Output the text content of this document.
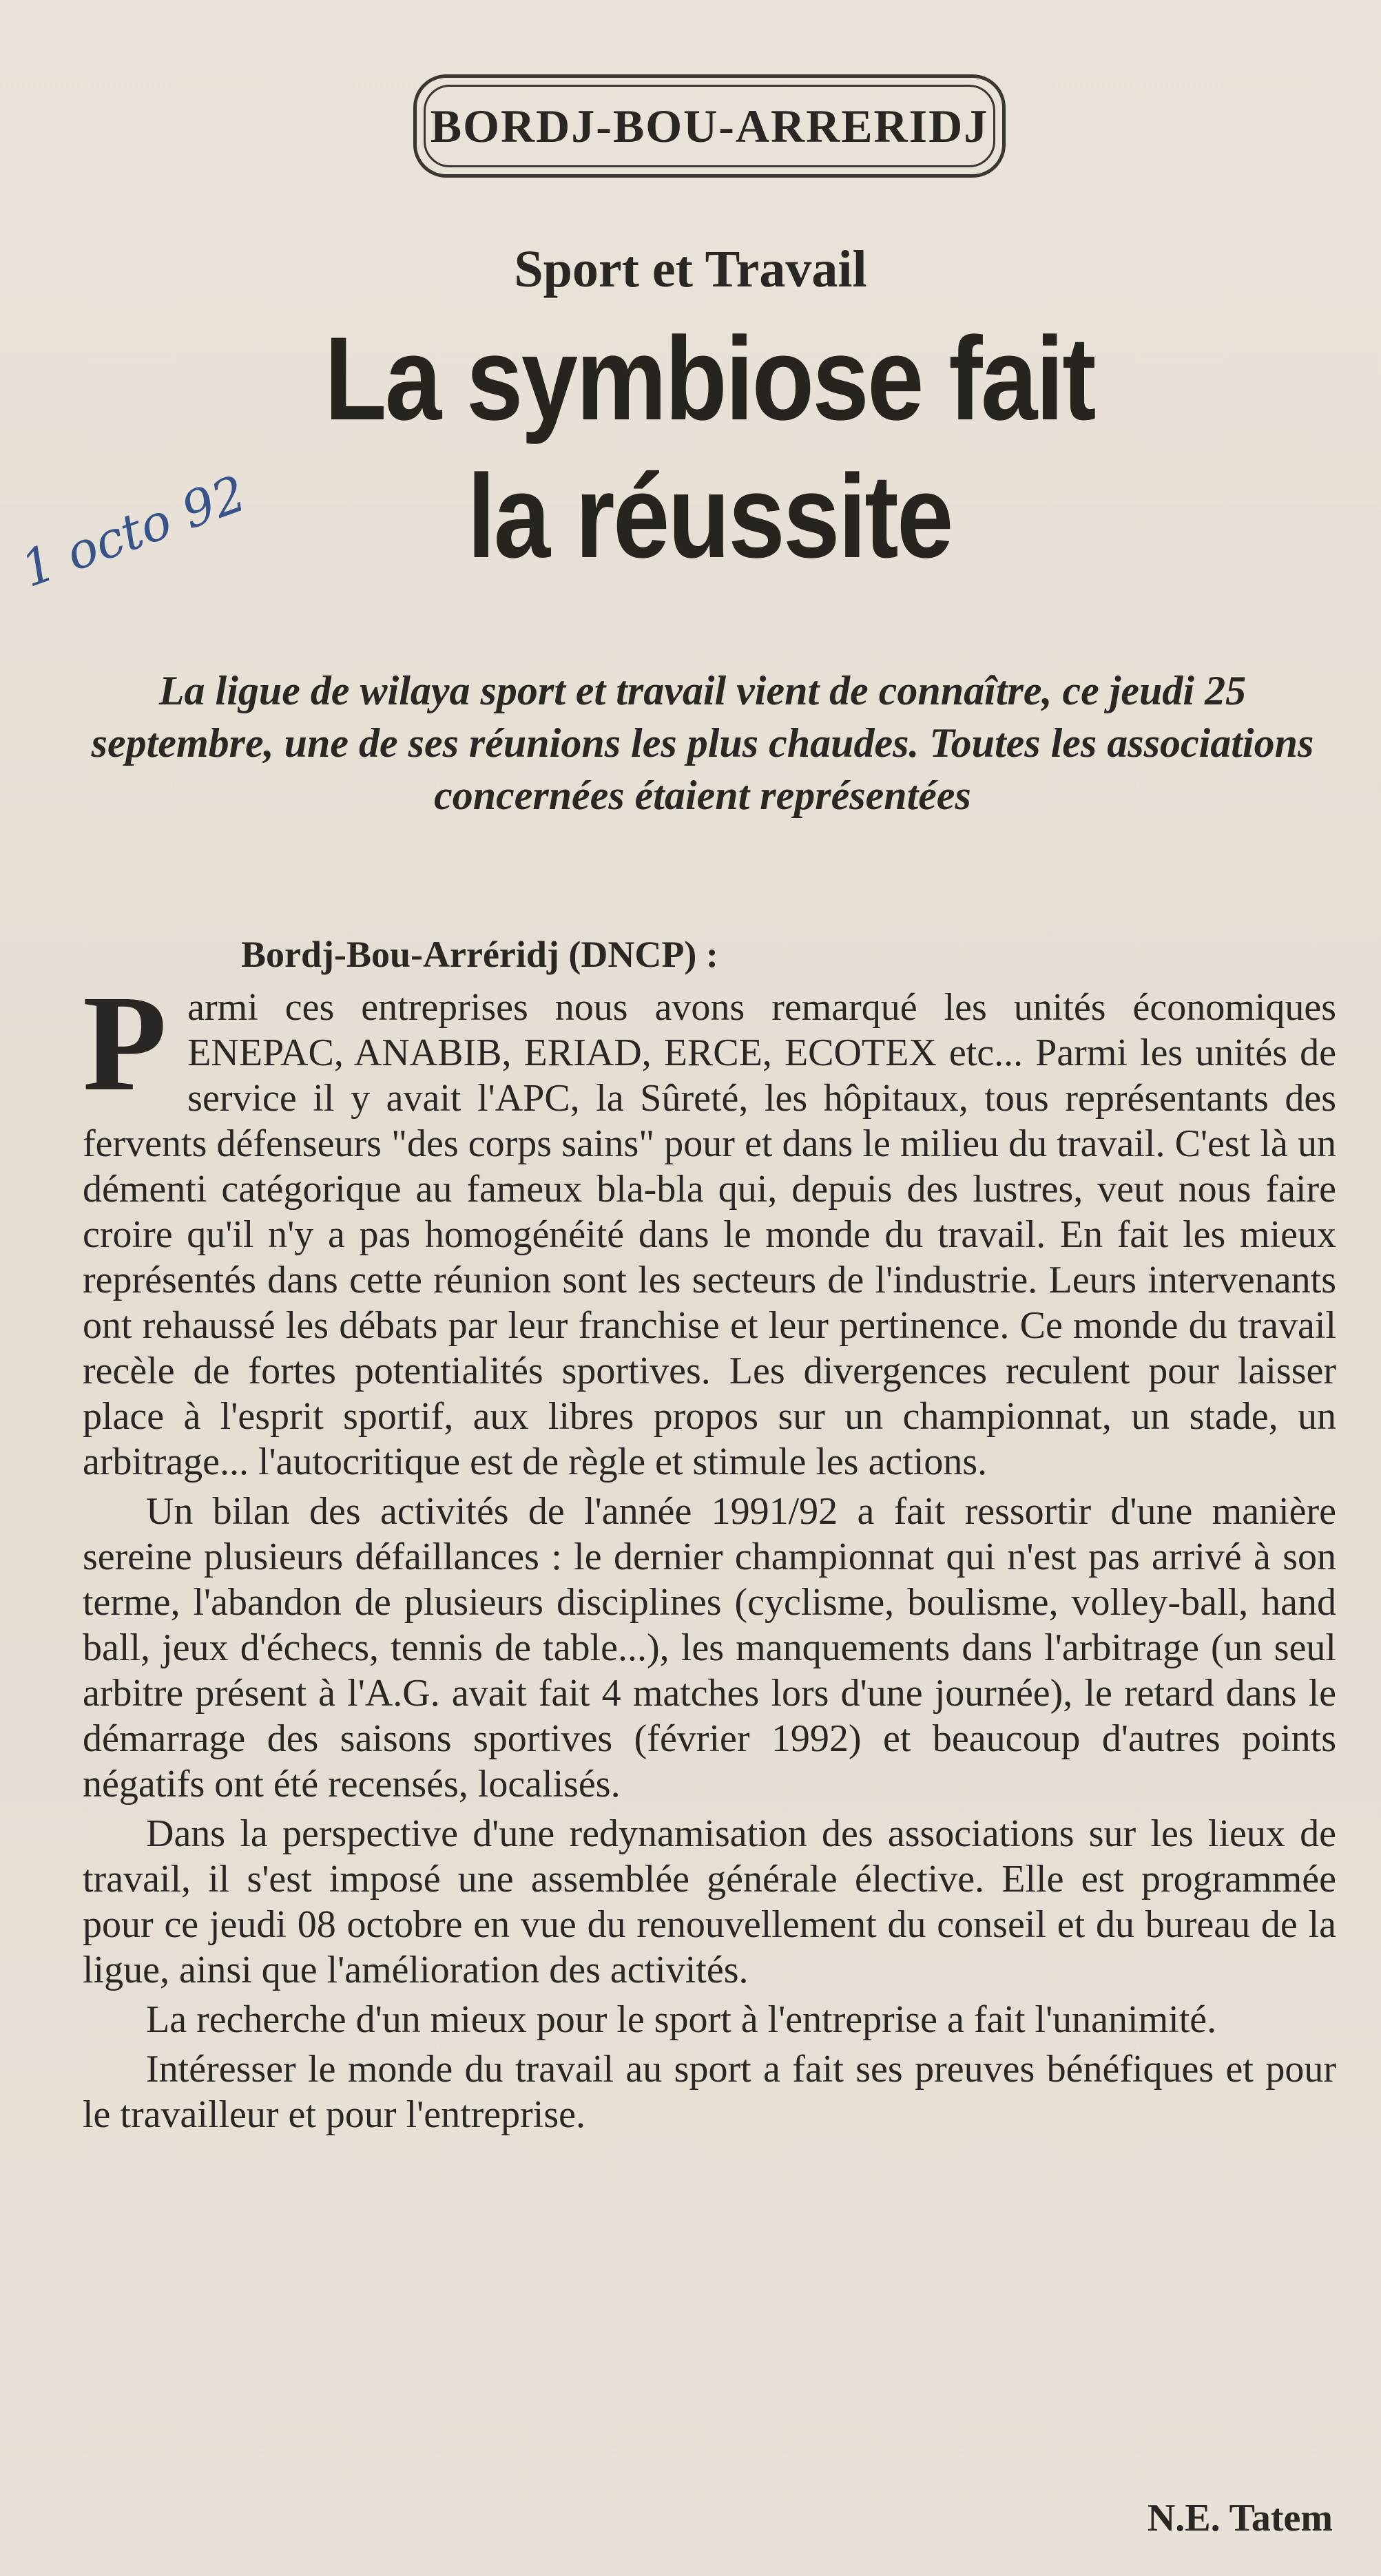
BORDJ-BOU-ARRERIDJ
Sport et Travail
La symbiose fait la réussite
1 octo 92
La ligue de wilaya sport et travail vient de connaître, ce jeudi 25 septembre, une de ses réunions les plus chaudes. Toutes les associations concernées étaient représentées
Bordj-Bou-Arréridj (DNCP) :

Parmi ces entreprises nous avons remarqué les unités économiques ENEPAC, ANABIB, ERIAD, ERCE, ECOTEX etc... Parmi les unités de service il y avait l'APC, la Sûreté, les hôpitaux, tous représentants des fervents défenseurs "des corps sains" pour et dans le milieu du travail. C'est là un démenti catégorique au fameux bla-bla qui, depuis des lustres, veut nous faire croire qu'il n'y a pas homogénéité dans le monde du travail. En fait les mieux représentés dans cette réunion sont les secteurs de l'industrie. Leurs intervenants ont rehaussé les débats par leur franchise et leur pertinence. Ce monde du travail recèle de fortes potentialités sportives. Les divergences reculent pour laisser place à l'esprit sportif, aux libres propos sur un championnat, un stade, un arbitrage... l'autocritique est de règle et stimule les actions.

Un bilan des activités de l'année 1991/92 a fait ressortir d'une manière sereine plusieurs défaillances : le dernier championnat qui n'est pas arrivé à son terme, l'abandon de plusieurs disciplines (cyclisme, boulisme, volley-ball, hand ball, jeux d'échecs, tennis de table...), les manquements dans l'arbitrage (un seul arbitre présent à l'A.G. avait fait 4 matches lors d'une journée), le retard dans le démarrage des saisons sportives (février 1992) et beaucoup d'autres points négatifs ont été recensés, localisés.

Dans la perspective d'une redynamisation des associations sur les lieux de travail, il s'est imposé une assemblée générale élective. Elle est programmée pour ce jeudi 08 octobre en vue du renouvellement du conseil et du bureau de la ligue, ainsi que l'amélioration des activités.

La recherche d'un mieux pour le sport à l'entreprise a fait l'unanimité.

Intéresser le monde du travail au sport a fait ses preuves bénéfiques et pour le travailleur et pour l'entreprise.

N.E. Tatem
